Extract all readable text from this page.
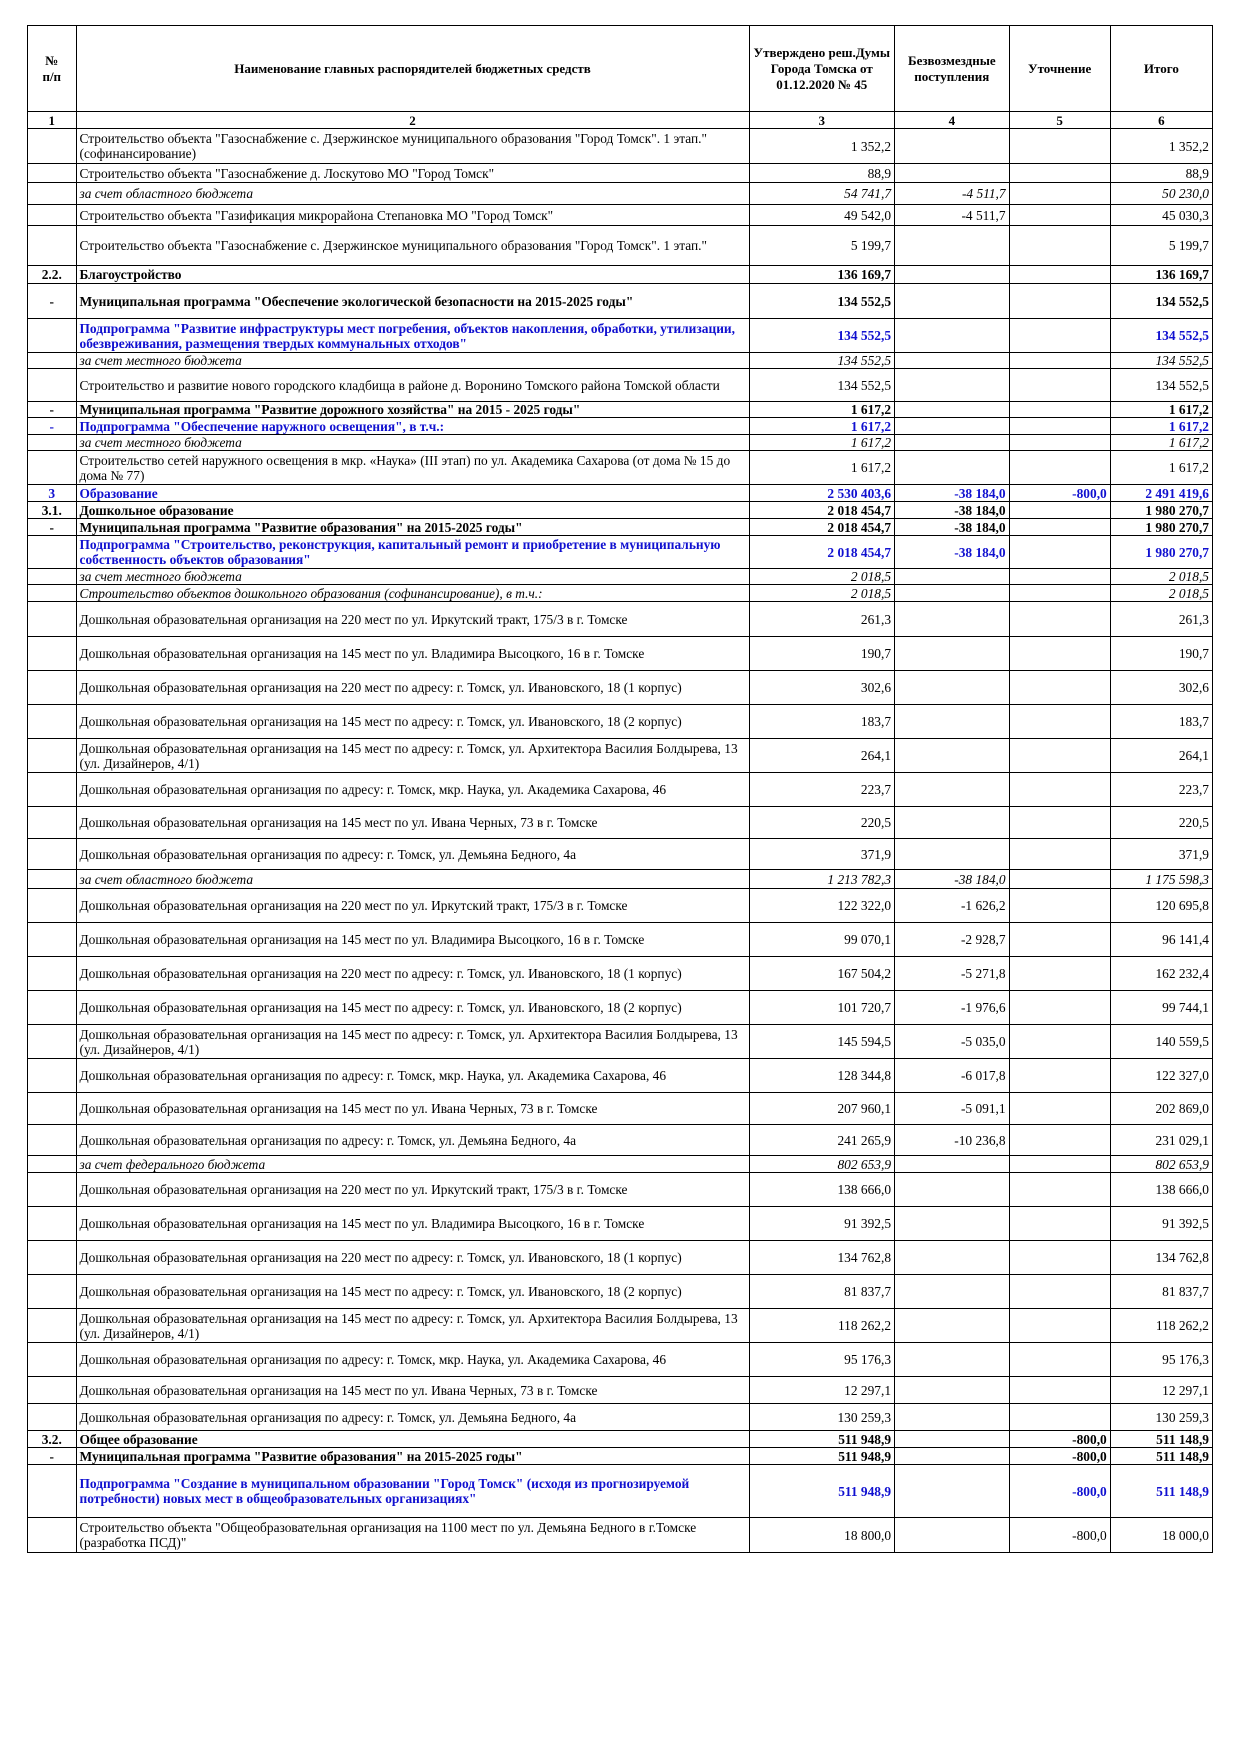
№
п/п	Наименование главных распорядителей бюджетных средств	Утверждено реш.Думы Города Томска от 01.12.2020 № 45	Безвозмездные поступления	Уточнение	Итого
1	2	3	4	5	6
	Строительство объекта "Газоснабжение с. Дзержинское муниципального образования "Город Томск". 1 этап." (софинансирование)	1 352,2			1 352,2
	Строительство объекта "Газоснабжение д. Лоскутово МО "Город Томск"	88,9			88,9
	за счет областного бюджета	54 741,7	-4 511,7		50 230,0
	Строительство объекта "Газификация микрорайона Степановка МО "Город Томск"	49 542,0	-4 511,7		45 030,3
	Строительство объекта "Газоснабжение с. Дзержинское муниципального образования "Город Томск". 1 этап."	5 199,7			5 199,7
2.2.	Благоустройство	136 169,7			136 169,7
-	Муниципальная программа "Обеспечение экологической безопасности на 2015-2025 годы"	134 552,5			134 552,5
	Подпрограмма "Развитие инфраструктуры мест погребения, объектов накопления, обработки, утилизации, обезвреживания, размещения твердых коммунальных отходов"	134 552,5			134 552,5
	за счет местного бюджета	134 552,5			134 552,5
	Строительство и развитие нового городского кладбища в районе д. Воронино Томского района Томской области	134 552,5			134 552,5
-	Муниципальная программа "Развитие дорожного хозяйства" на 2015 - 2025 годы"	1 617,2			1 617,2
-	Подпрограмма "Обеспечение наружного освещения", в т.ч.:	1 617,2			1 617,2
	за счет местного бюджета	1 617,2			1 617,2
	Строительство сетей наружного освещения в мкр. «Наука» (III этап) по ул. Академика Сахарова (от дома № 15 до дома № 77)	1 617,2			1 617,2
3	Образование	2 530 403,6	-38 184,0	-800,0	2 491 419,6
3.1.	Дошкольное образование	2 018 454,7	-38 184,0		1 980 270,7
-	Муниципальная программа "Развитие образования" на 2015-2025 годы"	2 018 454,7	-38 184,0		1 980 270,7
	Подпрограмма "Строительство, реконструкция, капитальный ремонт и приобретение в муниципальную собственность объектов образования"	2 018 454,7	-38 184,0		1 980 270,7
	за счет местного бюджета	2 018,5			2 018,5
	Строительство объектов дошкольного образования (софинансирование), в т.ч.:	2 018,5			2 018,5
	Дошкольная образовательная организация на 220 мест по ул. Иркутский тракт, 175/3 в г. Томске	261,3			261,3
	Дошкольная образовательная организация на 145 мест по ул. Владимира Высоцкого, 16 в г. Томске	190,7			190,7
	Дошкольная образовательная организация на 220 мест по адресу: г. Томск, ул. Ивановского, 18 (1 корпус)	302,6			302,6
	Дошкольная образовательная организация на 145 мест по адресу: г. Томск, ул. Ивановского, 18 (2 корпус)	183,7			183,7
	Дошкольная образовательная организация на 145 мест по адресу: г. Томск, ул. Архитектора Василия Болдырева, 13 (ул. Дизайнеров, 4/1)	264,1			264,1
	Дошкольная образовательная организация по адресу: г. Томск, мкр. Наука, ул. Академика Сахарова, 46	223,7			223,7
	Дошкольная образовательная организация на 145 мест по ул. Ивана Черных, 73 в г. Томске	220,5			220,5
	Дошкольная образовательная организация по адресу: г. Томск, ул. Демьяна Бедного, 4а	371,9			371,9
	за счет областного бюджета	1 213 782,3	-38 184,0		1 175 598,3
	Дошкольная образовательная организация на 220 мест по ул. Иркутский тракт, 175/3 в г. Томске	122 322,0	-1 626,2		120 695,8
	Дошкольная образовательная организация на 145 мест по ул. Владимира Высоцкого, 16 в г. Томске	99 070,1	-2 928,7		96 141,4
	Дошкольная образовательная организация на 220 мест по адресу: г. Томск, ул. Ивановского, 18 (1 корпус)	167 504,2	-5 271,8		162 232,4
	Дошкольная образовательная организация на 145 мест по адресу: г. Томск, ул. Ивановского, 18 (2 корпус)	101 720,7	-1 976,6		99 744,1
	Дошкольная образовательная организация на 145 мест по адресу: г. Томск, ул. Архитектора Василия Болдырева, 13 (ул. Дизайнеров, 4/1)	145 594,5	-5 035,0		140 559,5
	Дошкольная образовательная организация по адресу: г. Томск, мкр. Наука, ул. Академика Сахарова, 46	128 344,8	-6 017,8		122 327,0
	Дошкольная образовательная организация на 145 мест по ул. Ивана Черных, 73 в г. Томске	207 960,1	-5 091,1		202 869,0
	Дошкольная образовательная организация по адресу: г. Томск, ул. Демьяна Бедного, 4а	241 265,9	-10 236,8		231 029,1
	за счет федерального бюджета	802 653,9			802 653,9
	Дошкольная образовательная организация на 220 мест по ул. Иркутский тракт, 175/3 в г. Томске	138 666,0			138 666,0
	Дошкольная образовательная организация на 145 мест по ул. Владимира Высоцкого, 16 в г. Томске	91 392,5			91 392,5
	Дошкольная образовательная организация на 220 мест по адресу: г. Томск, ул. Ивановского, 18 (1 корпус)	134 762,8			134 762,8
	Дошкольная образовательная организация на 145 мест по адресу: г. Томск, ул. Ивановского, 18 (2 корпус)	81 837,7			81 837,7
	Дошкольная образовательная организация на 145 мест по адресу: г. Томск, ул. Архитектора Василия Болдырева, 13 (ул. Дизайнеров, 4/1)	118 262,2			118 262,2
	Дошкольная образовательная организация по адресу: г. Томск, мкр. Наука, ул. Академика Сахарова, 46	95 176,3			95 176,3
	Дошкольная образовательная организация на 145 мест по ул. Ивана Черных, 73 в г. Томске	12 297,1			12 297,1
	Дошкольная образовательная организация по адресу: г. Томск, ул. Демьяна Бедного, 4а	130 259,3			130 259,3
3.2.	Общее образование	511 948,9		-800,0	511 148,9
-	Муниципальная программа "Развитие образования" на 2015-2025 годы"	511 948,9		-800,0	511 148,9
	Подпрограмма "Создание в муниципальном образовании "Город Томск" (исходя из прогнозируемой потребности) новых мест в общеобразовательных организациях"	511 948,9		-800,0	511 148,9
	Строительство объекта "Общеобразовательная организация на 1100 мест по ул. Демьяна Бедного в г.Томске (разработка ПСД)"	18 800,0		-800,0	18 000,0
